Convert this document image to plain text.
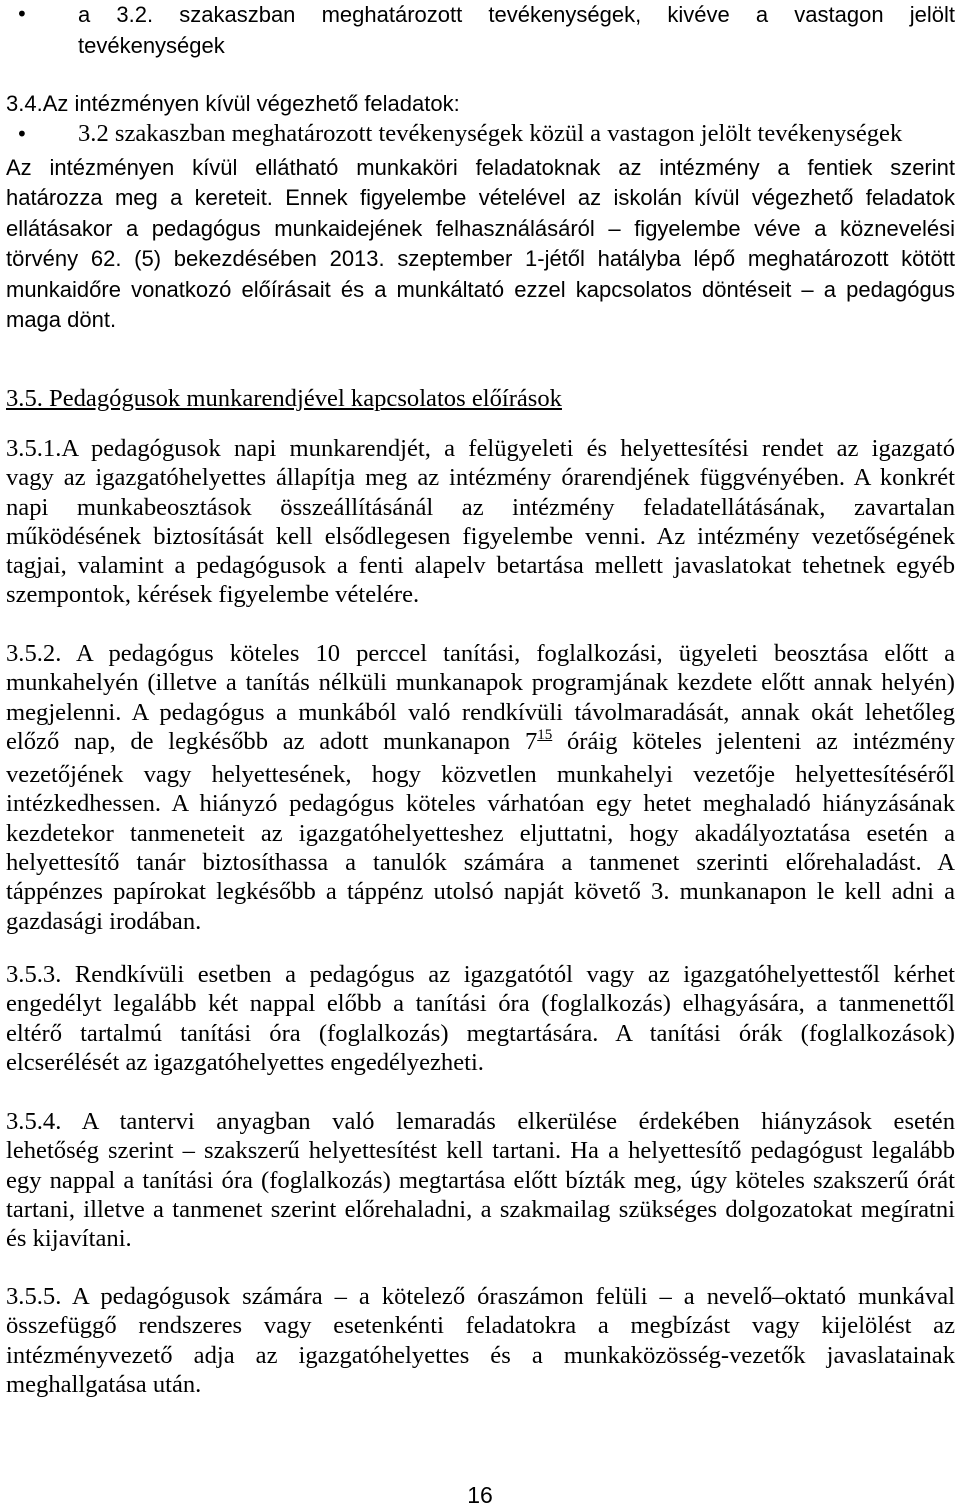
• a 3.2. szakaszban meghatározott tevékenységek, kivéve a vastagon jelölt
tevékenységek
3.4.Az intézményen kívül végezhető feladatok:
• 3.2 szakaszban meghatározott tevékenységek közül a vastagon jelölt tevékenységek
Az intézményen kívül ellátható munkaköri feladatoknak az intézmény a fentiek szerint
határozza meg a kereteit. Ennek figyelembe vételével az iskolán kívül végezhető feladatok
ellátásakor a pedagógus munkaidejének felhasználásáról – figyelembe véve a köznevelési
törvény 62. (5) bekezdésében 2013. szeptember 1-jétől hatályba lépő meghatározott kötött
munkaidőre vonatkozó előírásait és a munkáltató ezzel kapcsolatos döntéseit – a pedagógus
maga dönt.
3.5. Pedagógusok munkarendjével kapcsolatos előírások
3.5.1.A pedagógusok napi munkarendjét, a felügyeleti és helyettesítési rendet az igazgató
vagy az igazgatóhelyettes állapítja meg az intézmény órarendjének függvényében. A konkrét
napi munkabeosztások összeállításánál az intézmény feladatellátásának, zavartalan
működésének biztosítását kell elsődlegesen figyelembe venni. Az intézmény vezetőségének
tagjai, valamint a pedagógusok a fenti alapelv betartása mellett javaslatokat tehetnek egyéb
szempontok, kérések figyelembe vételére.
3.5.2. A pedagógus köteles 10 perccel tanítási, foglalkozási, ügyeleti beosztása előtt a
munkahelyén (illetve a tanítás nélküli munkanapok programjának kezdete előtt annak helyén)
megjelenni. A pedagógus a munkából való rendkívüli távolmaradását, annak okát lehetőleg
előző nap, de legkésőbb az adott munkanapon $7^{15}$ óráig köteles jelenteni az intézmény
vezetőjének vagy helyettesének, hogy közvetlen munkahelyi vezetője helyettesítéséről
intézkedhessen. A hiányzó pedagógus köteles várhatóan egy hetet meghaladó hiányzásának
kezdetekor tanmeneteit az igazgatóhelyetteshez eljuttatni, hogy akadályoztatása esetén a
helyettesítő tanár biztosíthassa a tanulók számára a tanmenet szerinti előrehaladást. A
táppénzes papírokat legkésőbb a táppénz utolsó napját követő 3. munkanapon le kell adni a
gazdasági irodában.
3.5.3. Rendkívüli esetben a pedagógus az igazgatótól vagy az igazgatóhelyettestől kérhet
engedélyt legalább két nappal előbb a tanítási óra (foglalkozás) elhagyására, a tanmenettől
eltérő tartalmú tanítási óra (foglalkozás) megtartására. A tanítási órák (foglalkozások)
elcserélését az igazgatóhelyettes engedélyezheti.
3.5.4. A tantervi anyagban való lemaradás elkerülése érdekében hiányzások esetén
lehetőség szerint – szakszerű helyettesítést kell tartani. Ha a helyettesítő pedagógust legalább
egy nappal a tanítási óra (foglalkozás) megtartása előtt bízták meg, úgy köteles szakszerű órát
tartani, illetve a tanmenet szerint előrehaladni, a szakmailag szükséges dolgozatokat megíratni
és kijavítani.
3.5.5. A pedagógusok számára – a kötelező óraszámon felüli – a nevelő–oktató munkával
összefüggő rendszeres vagy esetenkénti feladatokra a megbízást vagy kijelölést az
intézményvezető adja az igazgatóhelyettes és a munkaközösség-vezetők javaslatainak
meghallgatása után.
16
